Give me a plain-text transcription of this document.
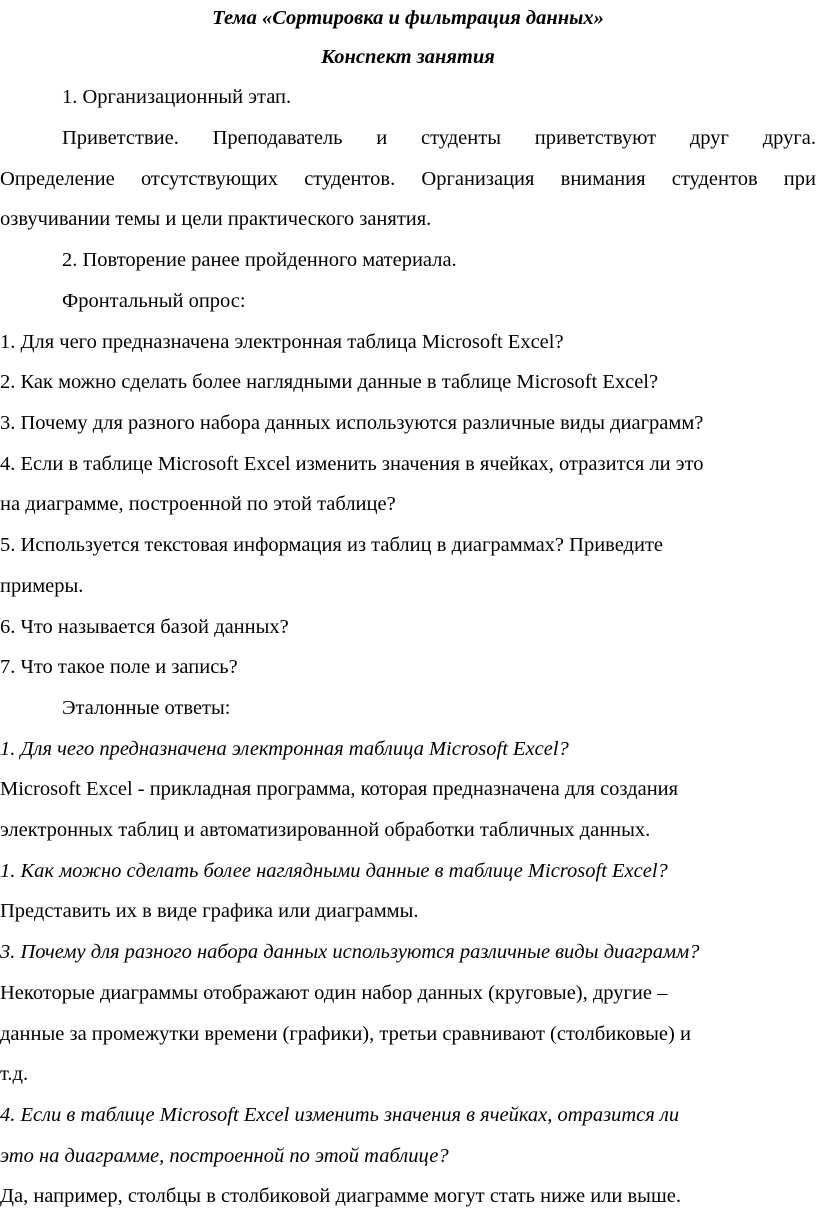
Тема «Сортировка и фильтрация данных»

Конспект занятия

1. Организационный этап.

Приветствие. Преподаватель и студенты приветствуют друг друга.

Определение отсутствующих студентов. Организация внимания студентов при

озвучивании темы и цели практического занятия.

2. Повторение ранее пройденного материала.

Фронтальный опрос:

1. Для чего предназначена электронная таблица Microsoft Excel?

2. Как можно сделать более наглядными данные в таблице Microsoft Excel?

3. Почему для разного набора данных используются различные виды диаграмм?

4. Если в таблице Microsoft Excel изменить значения в ячейках, отразится ли это

на диаграмме, построенной по этой таблице?

5. Используется текстовая информация из таблиц в диаграммах? Приведите

примеры.

6. Что называется базой данных?

7. Что такое поле и запись?

Эталонные ответы:

1. Для чего предназначена электронная таблица Microsoft Excel?

Microsoft Excel - прикладная программа, которая предназначена для создания

электронных таблиц и автоматизированной обработки табличных данных.

1. Как можно сделать более наглядными данные в таблице Microsoft Excel?

Представить их в виде графика или диаграммы.

3. Почему для разного набора данных используются различные виды диаграмм?

Некоторые диаграммы отображают один набор данных (круговые), другие –

данные за промежутки времени (графики), третьи сравнивают (столбиковые) и

т.д.

4. Если в таблице Microsoft Excel изменить значения в ячейках, отразится ли

это на диаграмме, построенной по этой таблице?

Да, например, столбцы в столбиковой диаграмме могут стать ниже или выше.
